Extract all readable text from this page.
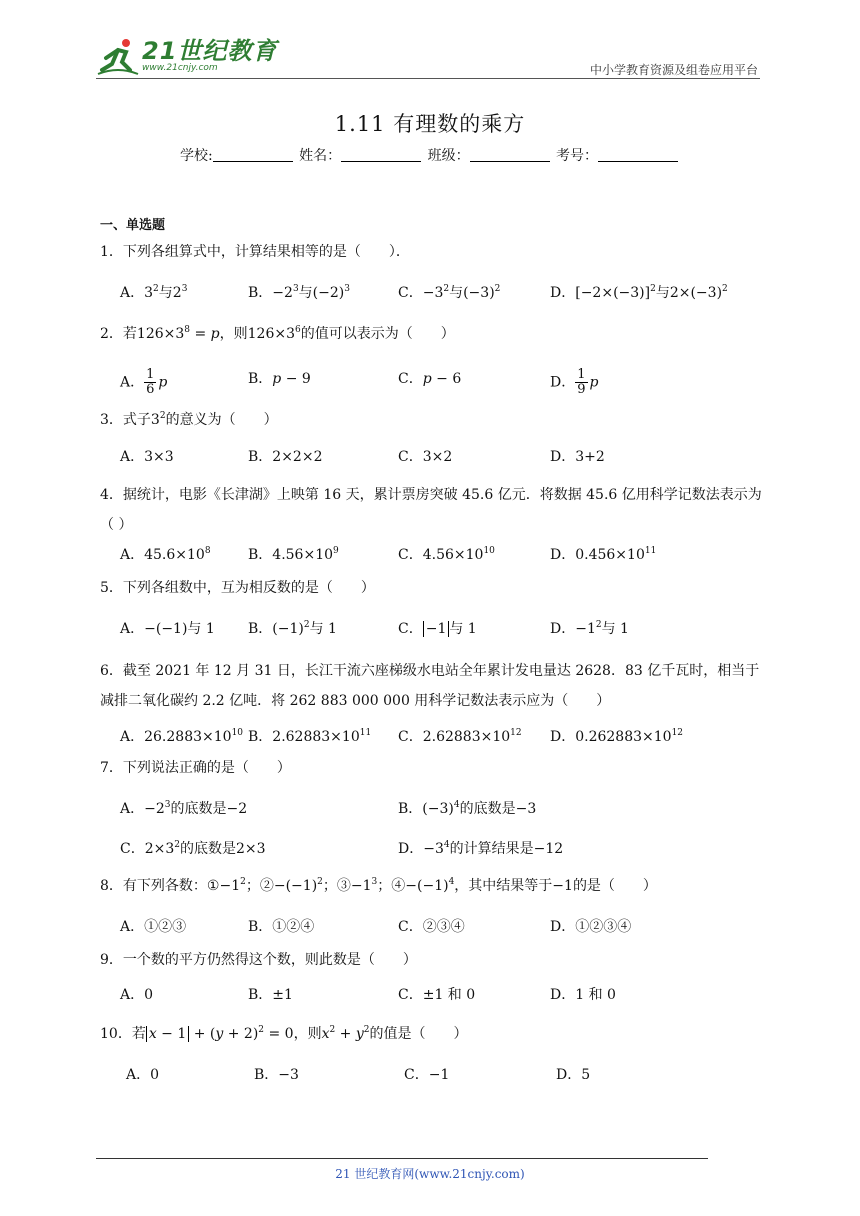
21世纪教育
www.21cnjy.com	中小学教育资源及组卷应用平台
1.11 有理数的乘方
学校:	姓名：	班级：	考号：
一、单选题
1．下列各组算式中，计算结果相等的是（　　）．
A．$3^2$与$2^3$	B．$-2^3$与$(-2)^3$	C．$-3^2$与$(-3)^2$	D．$[-2\times(-3)]^2$与$2\times(-3)^2$
2．若$126\times 3^8 = p$，则$126\times 3^6$的值可以表示为（　　）
A． $\frac{1}{6}$ p	B．p − 9	C．p − 6	D． $\frac{1}{9}$ p
3．式子$3^2$的意义为（　　）
A．3×3	B．2×2×2	C．3×2	D．3+2
4．据统计，电影《长津湖》上映第 16 天，累计票房突破 45.6 亿元．将数据 45.6 亿用科学记数法表示为（ ）
A．$45.6\times 10^8$	B．$4.56\times 10^9$	C．$4.56\times 10^{10}$	D．$0.456\times 10^{11}$
5．下列各组数中，互为相反数的是（　　）
A．−(−1)与 1 B．$(-1)^2$与 1	C． −1 与 1	D．$-1^2$与 1
6．截至 2021 年 12 月 31 日，长江干流六座梯级水电站全年累计发电量达 2628．83 亿千瓦时，相当于减排二氧化碳约 2.2 亿吨．将 262 883 000 000 用科学记数法表示应为（　　）
A．$26.2883\times 10^{10}$ B．$2.62883\times 10^{11}$ C．$2.62883\times 10^{12}$ D．$0.262883\times 10^{12}$
7．下列说法正确的是（　　）
A．$-2^3$的底数是−2	B．$(-3)^4$的底数是−3
C．$2\times 3^2$的底数是2×3	D．$-3^4$的计算结果是−12
8．有下列各数：$①-1^2$；$②-(-1)^2$；$③-1^3$；$④-(-1)^4$，其中结果等于−1的是（　　）
A．①②③	B．①②④	C．②③④	D．①②③④
9．一个数的平方仍然得这个数，则此数是（　　）
A．0	B．±1	C．±1 和 0	D．1 和 0
10．若 $x - 1 + (y + 2)^2 = 0$，则$x^2 + y^2$的值是（　　）
A．0	B．−3	C．−1	D．5
21 世纪教育网(www.21cnjy.com)
